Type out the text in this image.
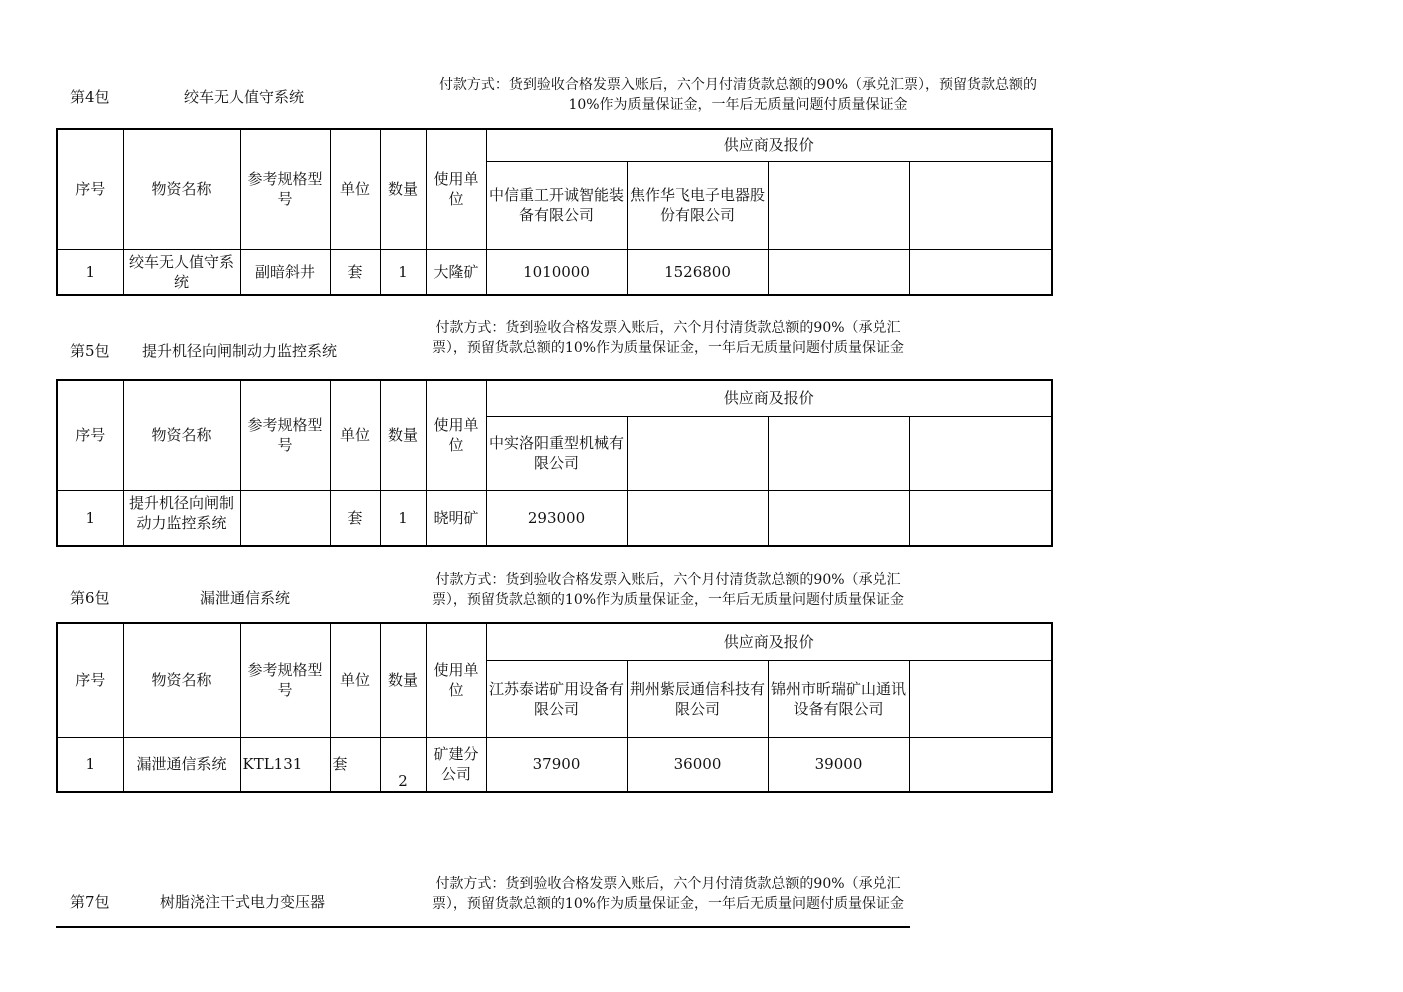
第4包	绞车无人值守系统
付款方式：货到验收合格发票入账后，六个月付清货款总额的90%（承兑汇票），预留货款总额的10%作为质量保证金，一年后无质量问题付质量保证金
序号	物资名称	参考规格型号	单位	数量	使用单位	供应商及报价			
						中信重工开诚智能装备有限公司	焦作华飞电子电器股份有限公司		
1	绞车无人值守系统	副暗斜井	套	1	大隆矿	1010000	1526800		
第5包 提升机径向闸制动力监控系统
付款方式：货到验收合格发票入账后，六个月付清货款总额的90%（承兑汇票），预留货款总额的10%作为质量保证金，一年后无质量问题付质量保证金
序号	物资名称	参考规格型号	单位	数量	使用单位	供应商及报价			
						中实洛阳重型机械有限公司			
1	提升机径向闸制动力监控系统		套	1	晓明矿	293000			
第6包	漏泄通信系统
付款方式：货到验收合格发票入账后，六个月付清货款总额的90%（承兑汇票），预留货款总额的10%作为质量保证金，一年后无质量问题付质量保证金
序号	物资名称	参考规格型号	单位	数量	使用单位	供应商及报价			
						江苏泰诺矿用设备有限公司	荆州紫辰通信科技有限公司	锦州市昕瑞矿山通讯设备有限公司	
1	漏泄通信系统	KTL131	套	2	矿建分公司	37900	36000	39000	
第7包	树脂浇注干式电力变压器
付款方式：货到验收合格发票入账后，六个月付清货款总额的90%（承兑汇票），预留货款总额的10%作为质量保证金，一年后无质量问题付质量保证金
